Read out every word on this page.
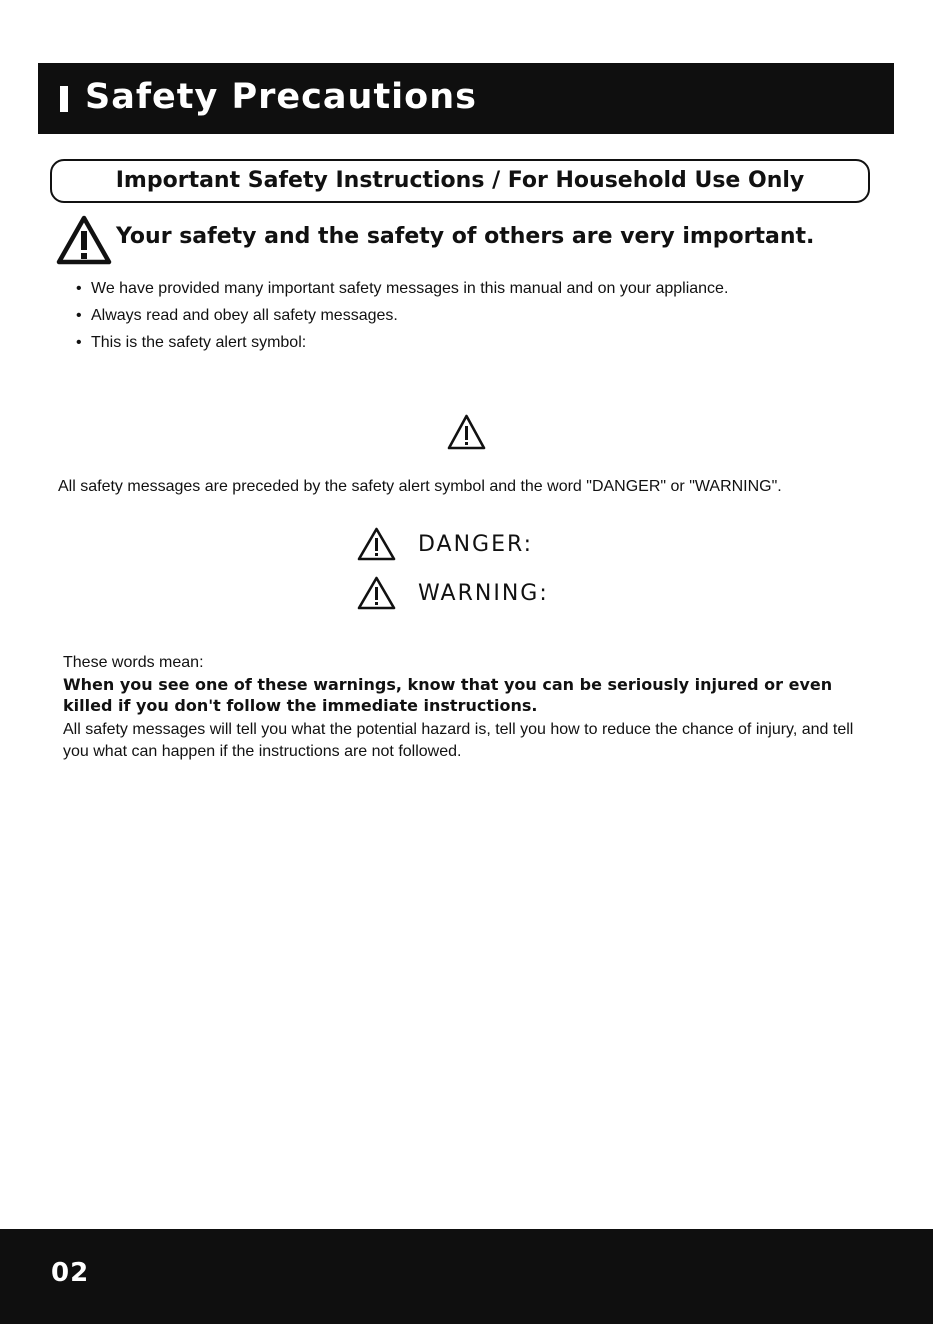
Safety Precautions
Important Safety Instructions / For Household Use Only
Your safety and the safety of others are very important.
• We have provided many important safety messages in this manual and on your appliance.
• Always read and obey all safety messages.
• This is the safety alert symbol:
All safety messages are preceded by the safety alert symbol and the word "DANGER" or "WARNING".
DANGER:
WARNING:

These words mean:

When you see one of these warnings, know that you can be seriously injured or even killed if you don't follow the immediate instructions.

All safety messages will tell you what the potential hazard is, tell you how to reduce the chance of injury, and tell you what can happen if the instructions are not followed.

02
